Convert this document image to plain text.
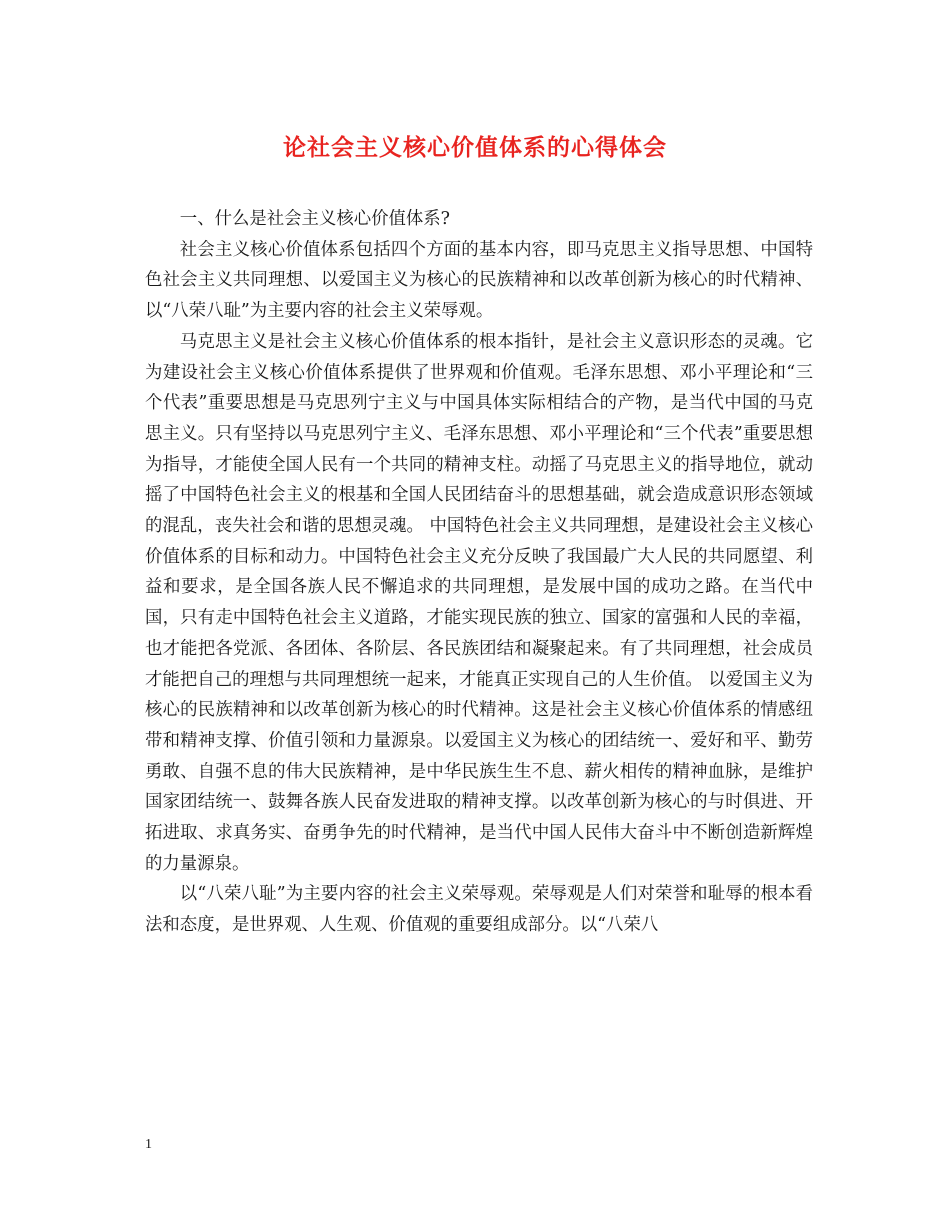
论社会主义核心价值体系的心得体会

一、什么是社会主义核心价值体系?

社会主义核心价值体系包括四个方面的基本内容，即马克思主义指导思想、中国特色社会主义共同理想、以爱国主义为核心的民族精神和以改革创新为核心的时代精神、以“八荣八耻”为主要内容的社会主义荣辱观。

马克思主义是社会主义核心价值体系的根本指针，是社会主义意识形态的灵魂。它为建设社会主义核心价值体系提供了世界观和价值观。毛泽东思想、邓小平理论和“三个代表”重要思想是马克思列宁主义与中国具体实际相结合的产物，是当代中国的马克思主义。只有坚持以马克思列宁主义、毛泽东思想、邓小平理论和“三个代表”重要思想为指导，才能使全国人民有一个共同的精神支柱。动摇了马克思主义的指导地位，就动摇了中国特色社会主义的根基和全国人民团结奋斗的思想基础，就会造成意识形态领域的混乱，丧失社会和谐的思想灵魂。 中国特色社会主义共同理想，是建设社会主义核心价值体系的目标和动力。中国特色社会主义充分反映了我国最广大人民的共同愿望、利益和要求，是全国各族人民不懈追求的共同理想，是发展中国的成功之路。在当代中国，只有走中国特色社会主义道路，才能实现民族的独立、国家的富强和人民的幸福，也才能把各党派、各团体、各阶层、各民族团结和凝聚起来。有了共同理想，社会成员才能把自己的理想与共同理想统一起来，才能真正实现自己的人生价值。 以爱国主义为核心的民族精神和以改革创新为核心的时代精神。这是社会主义核心价值体系的情感纽带和精神支撑、价值引领和力量源泉。以爱国主义为核心的团结统一、爱好和平、勤劳勇敢、自强不息的伟大民族精神，是中华民族生生不息、薪火相传的精神血脉，是维护国家团结统一、鼓舞各族人民奋发进取的精神支撑。以改革创新为核心的与时俱进、开拓进取、求真务实、奋勇争先的时代精神，是当代中国人民伟大奋斗中不断创造新辉煌的力量源泉。

以“八荣八耻”为主要内容的社会主义荣辱观。荣辱观是人们对荣誉和耻辱的根本看法和态度，是世界观、人生观、价值观的重要组成部分。以“八荣八

1
